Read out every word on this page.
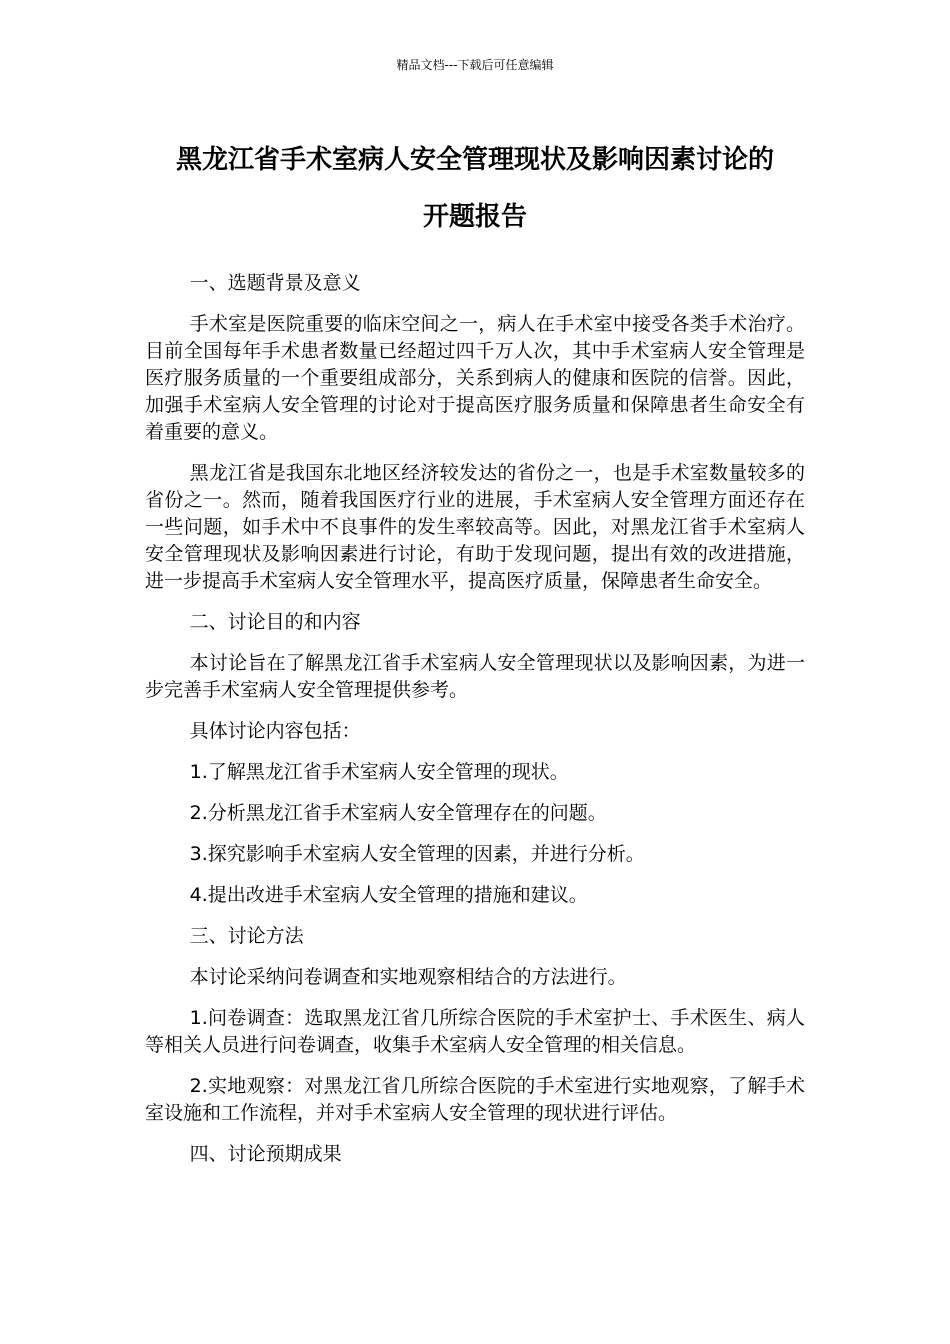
精品文档---下载后可任意编辑
黑龙江省手术室病人安全管理现状及影响因素讨论的
开题报告

一、选题背景及意义

手术室是医院重要的临床空间之一，病人在手术室中接受各类手术治疗。目前全国每年手术患者数量已经超过四千万人次，其中手术室病人安全管理是医疗服务质量的一个重要组成部分，关系到病人的健康和医院的信誉。因此，加强手术室病人安全管理的讨论对于提高医疗服务质量和保障患者生命安全有着重要的意义。

黑龙江省是我国东北地区经济较发达的省份之一，也是手术室数量较多的省份之一。然而，随着我国医疗行业的进展，手术室病人安全管理方面还存在一些问题，如手术中不良事件的发生率较高等。因此，对黑龙江省手术室病人安全管理现状及影响因素进行讨论，有助于发现问题，提出有效的改进措施，进一步提高手术室病人安全管理水平，提高医疗质量，保障患者生命安全。

二、讨论目的和内容

本讨论旨在了解黑龙江省手术室病人安全管理现状以及影响因素，为进一步完善手术室病人安全管理提供参考。

具体讨论内容包括：

1.了解黑龙江省手术室病人安全管理的现状。

2.分析黑龙江省手术室病人安全管理存在的问题。

3.探究影响手术室病人安全管理的因素，并进行分析。

4.提出改进手术室病人安全管理的措施和建议。

三、讨论方法

本讨论采纳问卷调查和实地观察相结合的方法进行。

1.问卷调查：选取黑龙江省几所综合医院的手术室护士、手术医生、病人等相关人员进行问卷调查，收集手术室病人安全管理的相关信息。

2.实地观察：对黑龙江省几所综合医院的手术室进行实地观察，了解手术室设施和工作流程，并对手术室病人安全管理的现状进行评估。

四、讨论预期成果
